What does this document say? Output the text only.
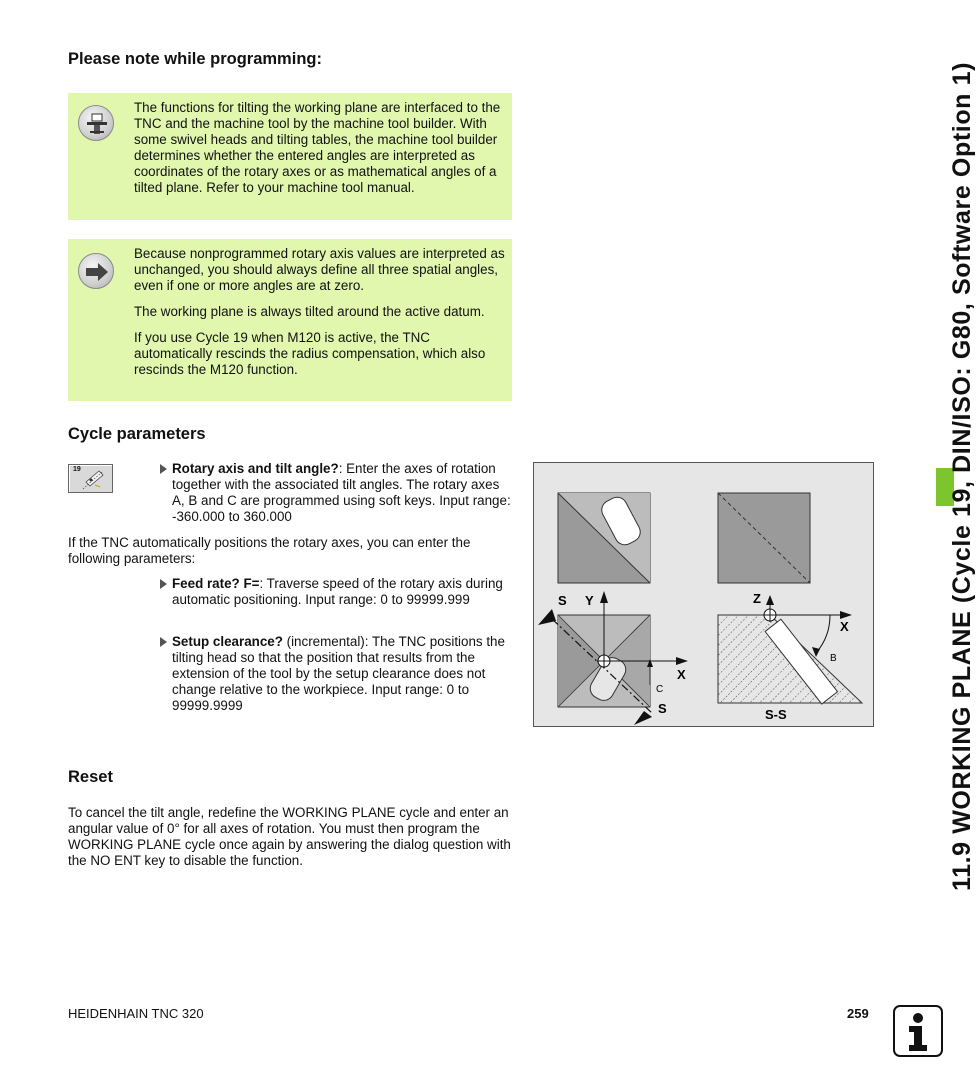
Please note while programming:
The functions for tilting the working plane are interfaced to the TNC and the machine tool by the machine tool builder. With some swivel heads and tilting tables, the machine tool builder determines whether the entered angles are interpreted as coordinates of the rotary axes or as mathematical angles of a tilted plane. Refer to your machine tool manual.

Because nonprogrammed rotary axis values are interpreted as unchanged, you should always define all three spatial angles, even if one or more angles are at zero.

The working plane is always tilted around the active datum.

If you use Cycle 19 when M120 is active, the TNC automatically rescinds the radius compensation, which also rescinds the M120 function.

Cycle parameters
19	Rotary axis and tilt angle?: Enter the axes of rotation together with the associated tilt angles. The rotary axes A, B and C are programmed using soft keys. Input range: -360.000 to 360.000
If the TNC automatically positions the rotary axes, you can enter the following parameters:
Feed rate? F=: Traverse speed of the rotary axis during automatic positioning. Input range: 0 to 99999.999
Setup clearance? (incremental): The TNC positions the tilting head so that the position that results from the extension of the tool by the setup clearance does not change relative to the workpiece. Input range: 0 to 99999.9999
S Y
X
C
S
Z
X
B
S-S
Reset
To cancel the tilt angle, redefine the WORKING PLANE cycle and enter an angular value of 0° for all axes of rotation. You must then program the WORKING PLANE cycle once again by answering the dialog question with the NO ENT key to disable the function.	11.9 WORKING PLANE (Cycle 19, DIN/ISO: G80, Software Option 1)
HEIDENHAIN TNC 320	259
